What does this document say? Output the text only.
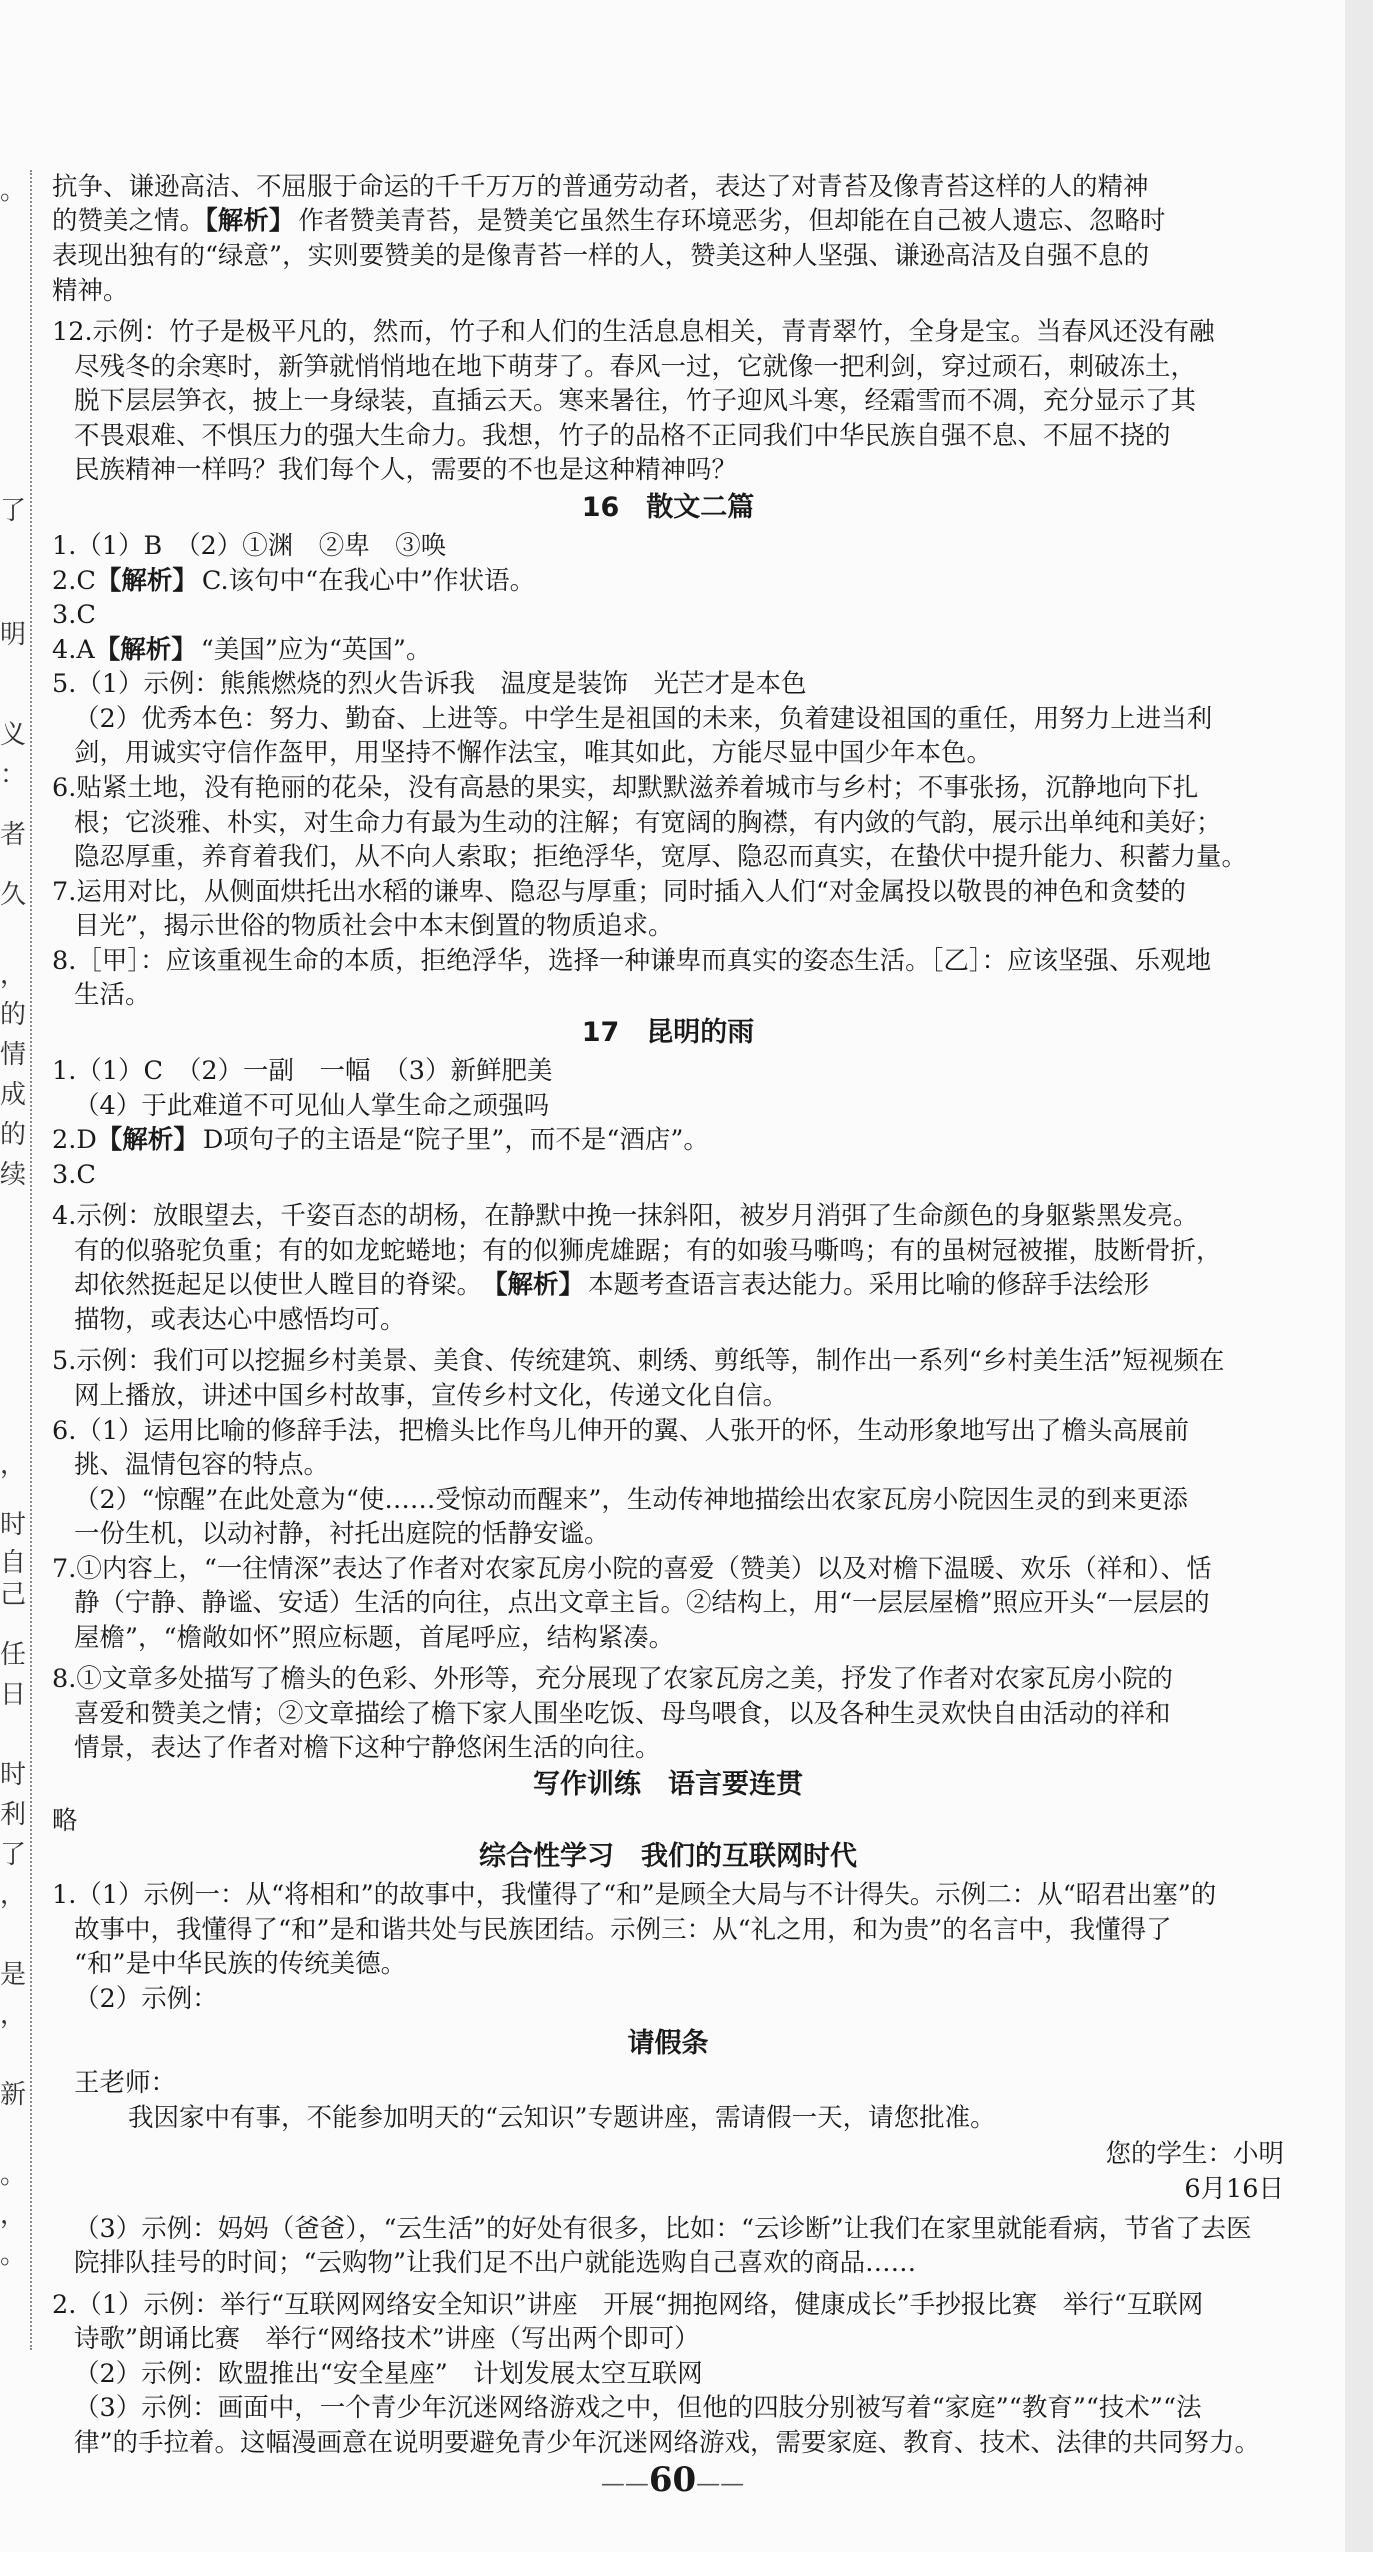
。
了
明
义
：
者
久
，
的
情
成
的
续
，
时
自
己
任
日
时
利
了
，
是
，
新
。
，
。
抗争、谦逊高洁、不屈服于命运的千千万万的普通劳动者，表达了对青苔及像青苔这样的人的精神
的赞美之情。 【 解析 】 作者赞美青苔，是赞美它虽然生存环境恶劣，但却能在自己被人遗忘、忽略时
表现出独有的“绿意”，实则要赞美的是像青苔一样的人，赞美这种人坚强、谦逊高洁及自强不息的
精神。
12.示例：竹子是极平凡的，然而，竹子和人们的生活息息相关，青青翠竹，全身是宝。当春风还没有融
尽残冬的余寒时，新笋就悄悄地在地下萌芽了。春风一过，它就像一把利剑，穿过顽石，刺破冻土，
脱下层层笋衣，披上一身绿装，直插云天。寒来暑往，竹子迎风斗寒，经霜雪而不凋，充分显示了其
不畏艰难、不惧压力的强大生命力。我想，竹子的品格不正同我们中华民族自强不息、不屈不挠的
民族精神一样吗？我们每个人，需要的不也是这种精神吗？
16　散文二篇
1.（1）B　（2）①渊　②卑　③唤
2.C 【 解析 】 C.该句中“在我心中”作状语。
3.C
4.A 【 解析 】 “美国”应为“英国”。
5.（1）示例：熊熊燃烧的烈火告诉我　温度是装饰　光芒才是本色
（2）优秀本色：努力、勤奋、上进等。中学生是祖国的未来，负着建设祖国的重任，用努力上进当利
剑，用诚实守信作盔甲，用坚持不懈作法宝，唯其如此，方能尽显中国少年本色。
6.贴紧土地，没有艳丽的花朵，没有高悬的果实，却默默滋养着城市与乡村；不事张扬，沉静地向下扎
根；它淡雅、朴实，对生命力有最为生动的注解；有宽阔的胸襟，有内敛的气韵，展示出单纯和美好；
隐忍厚重，养育着我们，从不向人索取；拒绝浮华，宽厚、隐忍而真实，在蛰伏中提升能力、积蓄力量。
7.运用对比，从侧面烘托出水稻的谦卑、隐忍与厚重；同时插入人们“对金属投以敬畏的神色和贪婪的
目光”，揭示世俗的物质社会中本末倒置的物质追求。
8.［甲］：应该重视生命的本质，拒绝浮华，选择一种谦卑而真实的姿态生活。［乙］：应该坚强、乐观地
生活。
17　昆明的雨
1.（1）C　（2）一副　一幅　（3）新鲜肥美
（4）于此难道不可见仙人掌生命之顽强吗
2.D 【 解析 】 D项句子的主语是“院子里”，而不是“酒店”。
3.C
4.示例：放眼望去，千姿百态的胡杨，在静默中挽一抹斜阳，被岁月消弭了生命颜色的身躯紫黑发亮。
有的似骆驼负重；有的如龙蛇蜷地；有的似狮虎雄踞；有的如骏马嘶鸣；有的虽树冠被摧，肢断骨折，
却依然挺起足以使世人瞠目的脊梁。　【 解析 】 本题考查语言表达能力。采用比喻的修辞手法绘形
描物，或表达心中感悟均可。
5.示例：我们可以挖掘乡村美景、美食、传统建筑、刺绣、剪纸等，制作出一系列“乡村美生活”短视频在
网上播放，讲述中国乡村故事，宣传乡村文化，传递文化自信。
6.（1）运用比喻的修辞手法，把檐头比作鸟儿伸开的翼、人张开的怀，生动形象地写出了檐头高展前
挑、温情包容的特点。
（2）“惊醒”在此处意为“使……受惊动而醒来”，生动传神地描绘出农家瓦房小院因生灵的到来更添
一份生机，以动衬静，衬托出庭院的恬静安谧。
7.①内容上，“一往情深”表达了作者对农家瓦房小院的喜爱（赞美）以及对檐下温暖、欢乐（祥和）、恬
静（宁静、静谧、安适）生活的向往，点出文章主旨。②结构上，用“一层层屋檐”照应开头“一层层的
屋檐”，“檐敞如怀”照应标题，首尾呼应，结构紧凑。
8.①文章多处描写了檐头的色彩、外形等，充分展现了农家瓦房之美，抒发了作者对农家瓦房小院的
喜爱和赞美之情；②文章描绘了檐下家人围坐吃饭、母鸟喂食，以及各种生灵欢快自由活动的祥和
情景，表达了作者对檐下这种宁静悠闲生活的向往。
写作训练　语言要连贯
略
综合性学习　我们的互联网时代
1.（1）示例一：从“将相和”的故事中，我懂得了“和”是顾全大局与不计得失。示例二：从“昭君出塞”的
故事中，我懂得了“和”是和谐共处与民族团结。示例三：从“礼之用，和为贵”的名言中，我懂得了
“和”是中华民族的传统美德。
（2）示例：
请假条
王老师：
我因家中有事，不能参加明天的“云知识”专题讲座，需请假一天，请您批准。
您的学生：小明
6月16日
（3）示例：妈妈（爸爸），“云生活”的好处有很多，比如：“云诊断”让我们在家里就能看病，节省了去医
院排队挂号的时间；“云购物”让我们足不出户就能选购自己喜欢的商品……
2.（1）示例：举行“互联网网络安全知识”讲座　开展“拥抱网络，健康成长”手抄报比赛　举行“互联网
诗歌”朗诵比赛　举行“网络技术”讲座（写出两个即可）
（2）示例：欧盟推出“安全星座”　计划发展太空互联网
（3）示例：画面中，一个青少年沉迷网络游戏之中，但他的四肢分别被写着“家庭”“教育”“技术”“法
律”的手拉着。这幅漫画意在说明要避免青少年沉迷网络游戏，需要家庭、教育、技术、法律的共同努力。
—— 60 ——
